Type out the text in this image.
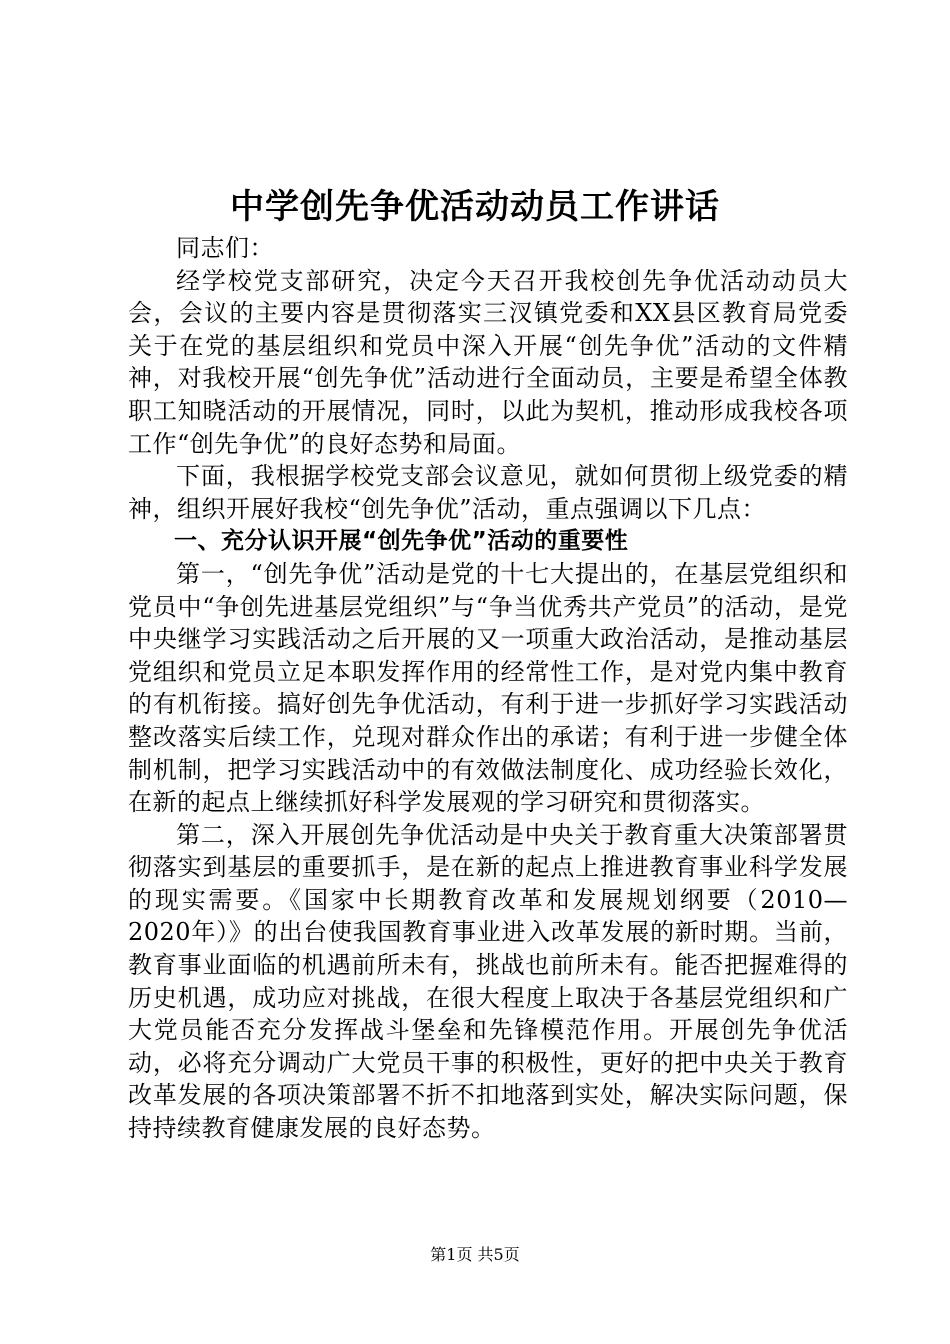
中学创先争优活动动员工作讲话

同志们：

经学校党支部研究，决定今天召开我校创先争优活动动员大会，会议的主要内容是贯彻落实三汊镇党委和XX县区教育局党委关于在党的基层组织和党员中深入开展“创先争优”活动的文件精神，对我校开展“创先争优”活动进行全面动员，主要是希望全体教职工知晓活动的开展情况，同时，以此为契机，推动形成我校各项工作“创先争优”的良好态势和局面。

下面，我根据学校党支部会议意见，就如何贯彻上级党委的精神，组织开展好我校“创先争优”活动，重点强调以下几点：

一、充分认识开展“创先争优”活动的重要性

第一，“创先争优”活动是党的十七大提出的，在基层党组织和党员中“争创先进基层党组织”与“争当优秀共产党员”的活动，是党中央继学习实践活动之后开展的又一项重大政治活动，是推动基层党组织和党员立足本职发挥作用的经常性工作，是对党内集中教育的有机衔接。搞好创先争优活动，有利于进一步抓好学习实践活动整改落实后续工作，兑现对群众作出的承诺；有利于进一步健全体制机制，把学习实践活动中的有效做法制度化、成功经验长效化，在新的起点上继续抓好科学发展观的学习研究和贯彻落实。

第二，深入开展创先争优活动是中央关于教育重大决策部署贯彻落实到基层的重要抓手，是在新的起点上推进教育事业科学发展的现实需要。《国家中长期教育改革和发展规划纲要（2010—2020年）》的出台使我国教育事业进入改革发展的新时期。当前，教育事业面临的机遇前所未有，挑战也前所未有。能否把握难得的历史机遇，成功应对挑战，在很大程度上取决于各基层党组织和广大党员能否充分发挥战斗堡垒和先锋模范作用。开展创先争优活动，必将充分调动广大党员干事的积极性，更好的把中央关于教育改革发展的各项决策部署不折不扣地落到实处，解决实际问题，保持持续教育健康发展的良好态势。

第1页 共5页
